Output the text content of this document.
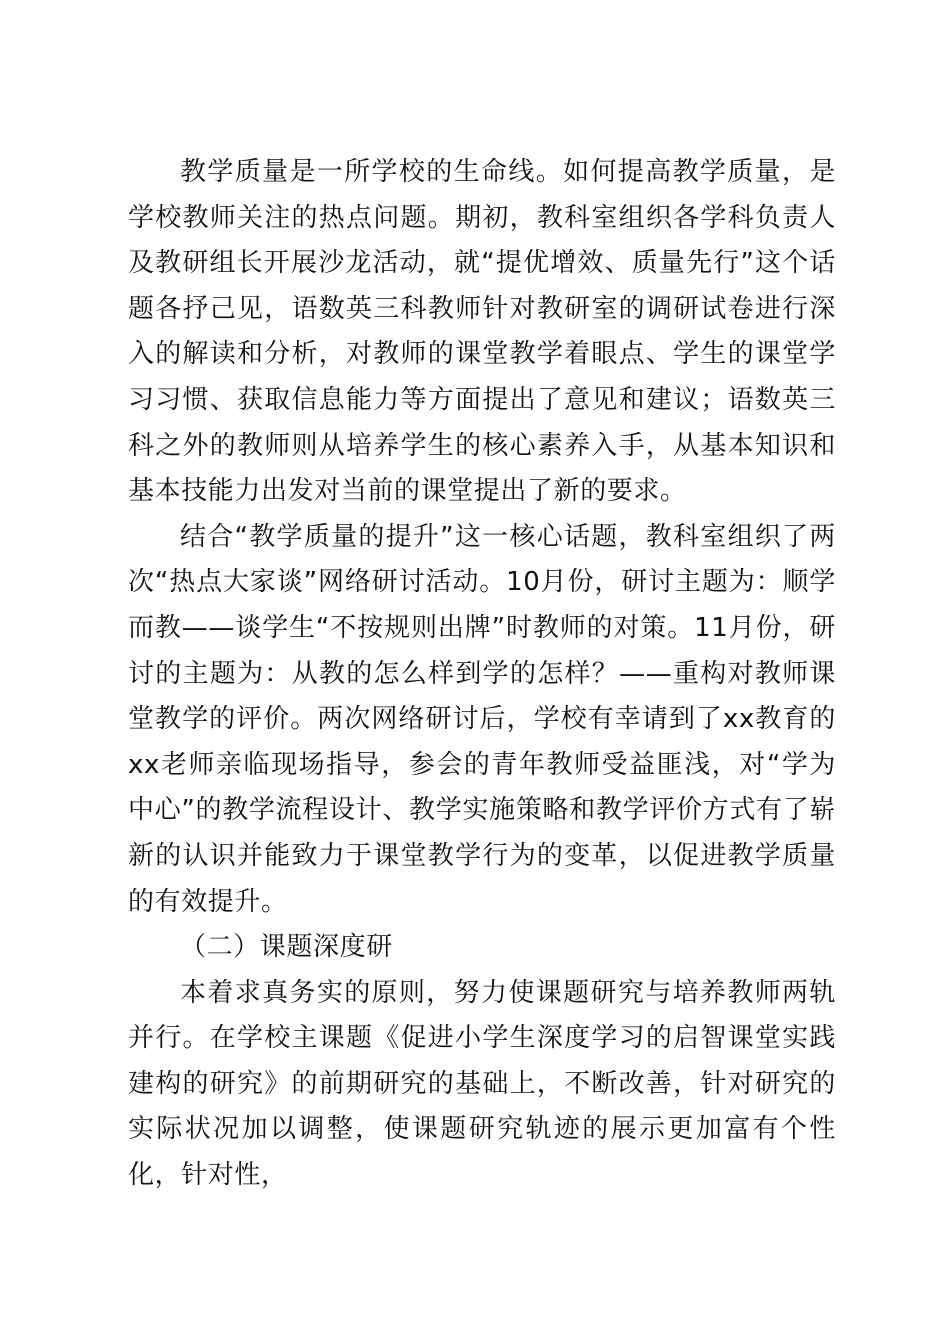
教学质量是一所学校的生命线。如何提高教学质量，是学校教师关注的热点问题。期初，教科室组织各学科负责人及教研组长开展沙龙活动，就“提优增效、质量先行”这个话题各抒己见，语数英三科教师针对教研室的调研试卷进行深入的解读和分析，对教师的课堂教学着眼点、学生的课堂学习习惯、获取信息能力等方面提出了意见和建议；语数英三科之外的教师则从培养学生的核心素养入手，从基本知识和基本技能力出发对当前的课堂提出了新的要求。

结合“教学质量的提升”这一核心话题，教科室组织了两次“热点大家谈”网络研讨活动。10月份，研讨主题为：顺学而教——谈学生“不按规则出牌”时教师的对策。11月份，研讨的主题为：从教的怎么样到学的怎样？——重构对教师课堂教学的评价。两次网络研讨后，学校有幸请到了xx教育的xx老师亲临现场指导，参会的青年教师受益匪浅，对“学为中心”的教学流程设计、教学实施策略和教学评价方式有了崭新的认识并能致力于课堂教学行为的变革，以促进教学质量的有效提升。

（二）课题深度研

本着求真务实的原则，努力使课题研究与培养教师两轨并行。在学校主课题《促进小学生深度学习的启智课堂实践建构的研究》的前期研究的基础上，不断改善，针对研究的实际状况加以调整，使课题研究轨迹的展示更加富有个性化，针对性，
